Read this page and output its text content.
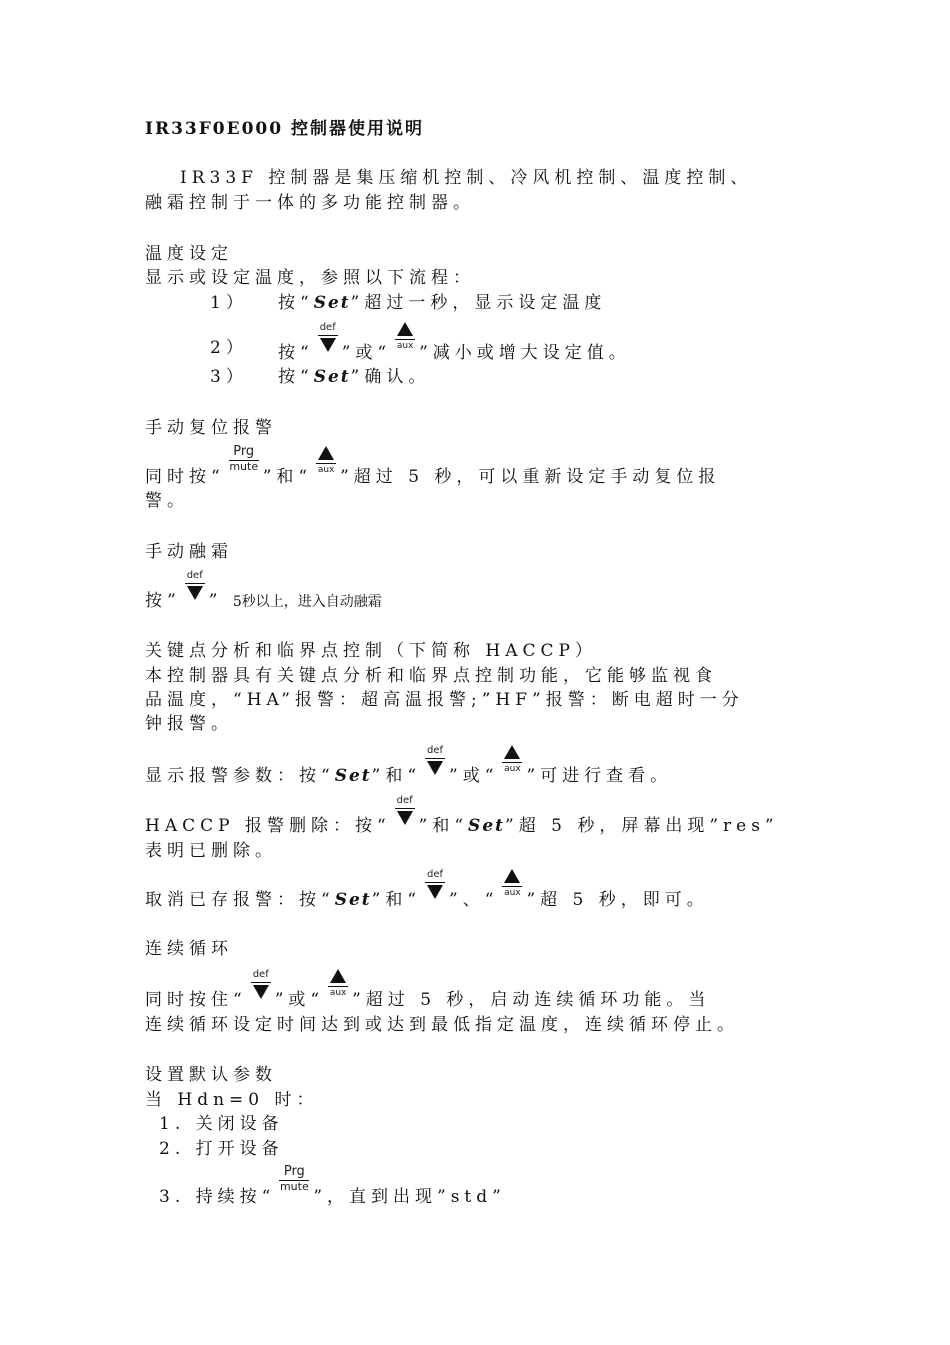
IR33F0E000 控制器使用说明
IR33F 控制器是集压缩机控制、冷风机控制、温度控制、
融霜控制于一体的多功能控制器。
温度设定
显示或设定温度，参照以下流程：
1） 按“Set”超过一秒，显示设定温度
2） 按“
def
”或“ aux ”减小或增大设定值。
3） 按“Set”确认。
手动复位报警
同时按“
Prg
mute
”和“ aux ”超过 5 秒，可以重新设定手动复位报
警。
手动融霜
按”
def
” 5秒以上，进入自动融霜
关键点分析和临界点控制（下简称 HACCP）
本控制器具有关键点分析和临界点控制功能，它能够监视食
品温度，“HA”报警：超高温报警;”HF”报警：断电超时一分
钟报警。
显示报警参数：按“Set”和“
def
”或“ aux ”可进行查看。
HACCP 报警删除：按“
def
”和“Set”超 5 秒，屏幕出现”res”
表明已删除。
取消已存报警：按“Set”和“
def
”、“ aux ”超 5 秒，即可。
连续循环
同时按住“
def
”或“ aux ”超过 5 秒，启动连续循环功能。当
连续循环设定时间达到或达到最低指定温度，连续循环停止。
设置默认参数
当 Hdn=0 时：
1. 关闭设备
2. 打开设备
3. 持续按“
Prg
mute
”，直到出现”std”
